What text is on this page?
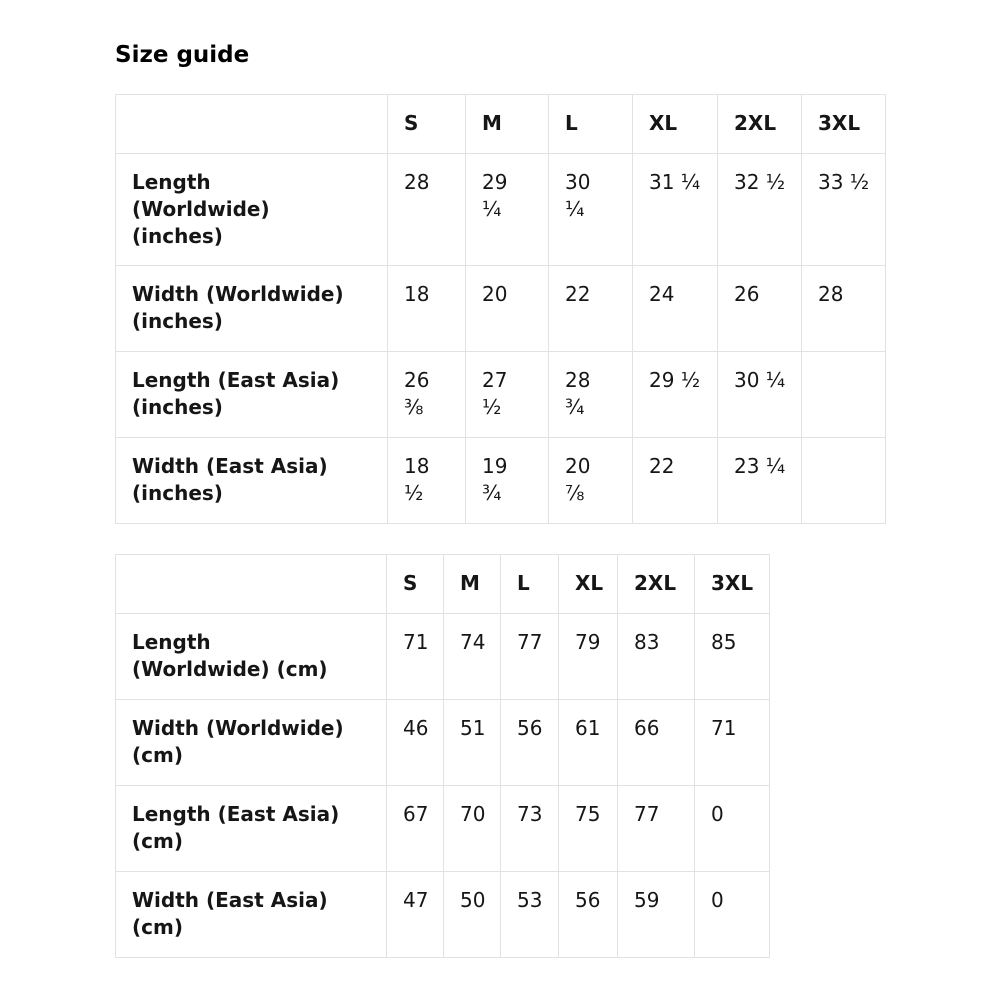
Size guide
	S	M	L	XL	2XL	3XL
Length (Worldwide) (inches)	28	29 ¼	30 ¼	31 ¼	32 ½	33 ½
Width (Worldwide) (inches)	18	20	22	24	26	28
Length (East Asia) (inches)	26 ⅜	27 ½	28 ¾	29 ½	30 ¼	
Width (East Asia) (inches)	18 ½	19 ¾	20 ⅞	22	23 ¼	
	S	M	L	XL	2XL	3XL
Length (Worldwide) (cm)	71	74	77	79	83	85
Width (Worldwide) (cm)	46	51	56	61	66	71
Length (East Asia) (cm)	67	70	73	75	77	0
Width (East Asia) (cm)	47	50	53	56	59	0
